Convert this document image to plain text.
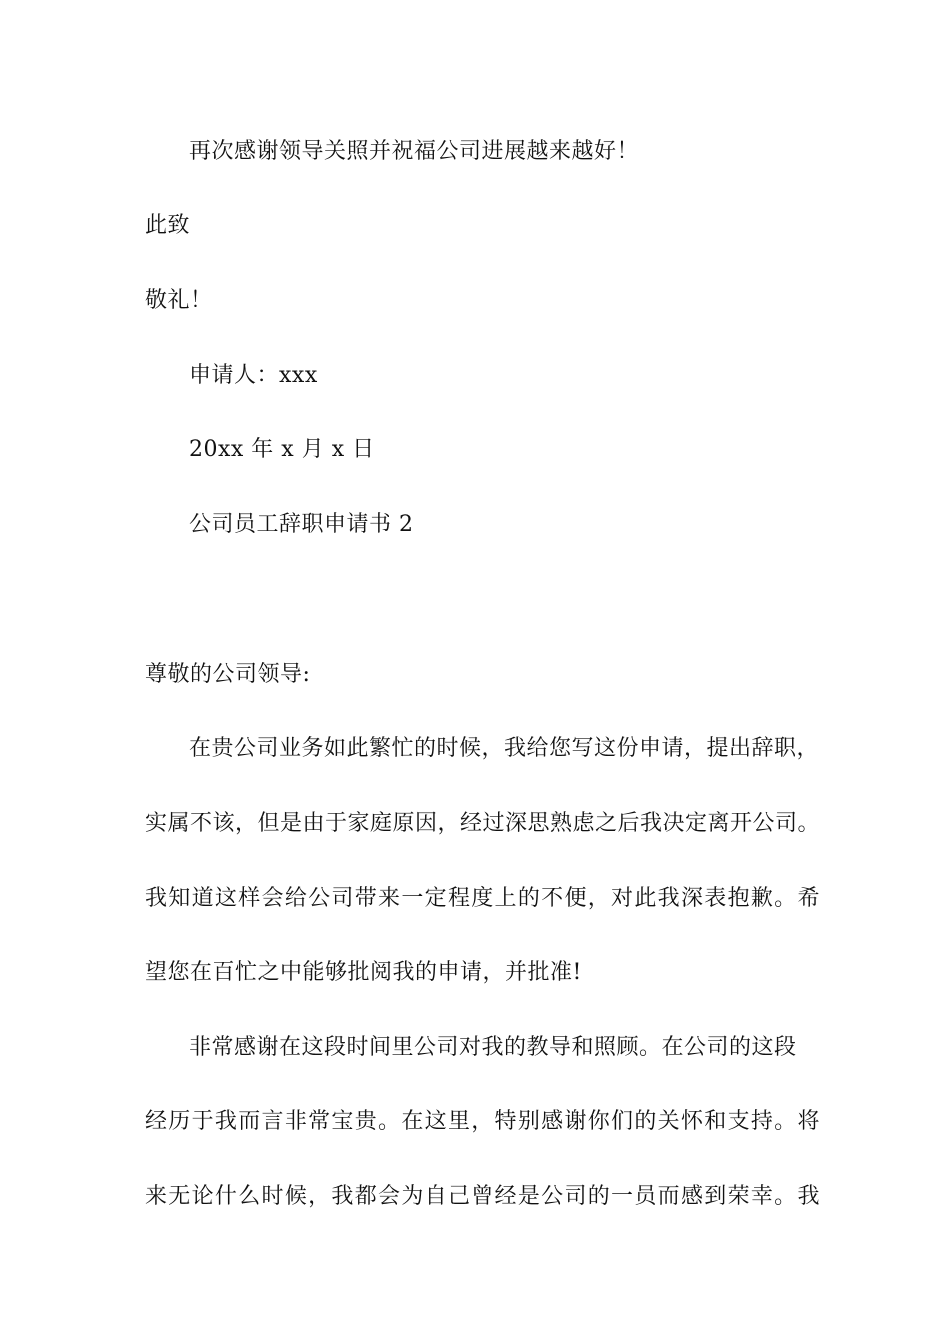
再次感谢领导关照并祝福公司进展越来越好！
此致
敬礼！
申请人：xxx
20xx 年 x 月 x 日
公司员工辞职申请书 2
尊敬的公司领导:
在贵公司业务如此繁忙的时候，我给您写这份申请，提出辞职，
实属不该，但是由于家庭原因，经过深思熟虑之后我决定离开公司。
我知道这样会给公司带来一定程度上的不便，对此我深表抱歉。希
望您在百忙之中能够批阅我的申请，并批准!
非常感谢在这段时间里公司对我的教导和照顾。在公司的这段
经历于我而言非常宝贵。在这里，特别感谢你们的关怀和支持。将
来无论什么时候，我都会为自己曾经是公司的一员而感到荣幸。我
